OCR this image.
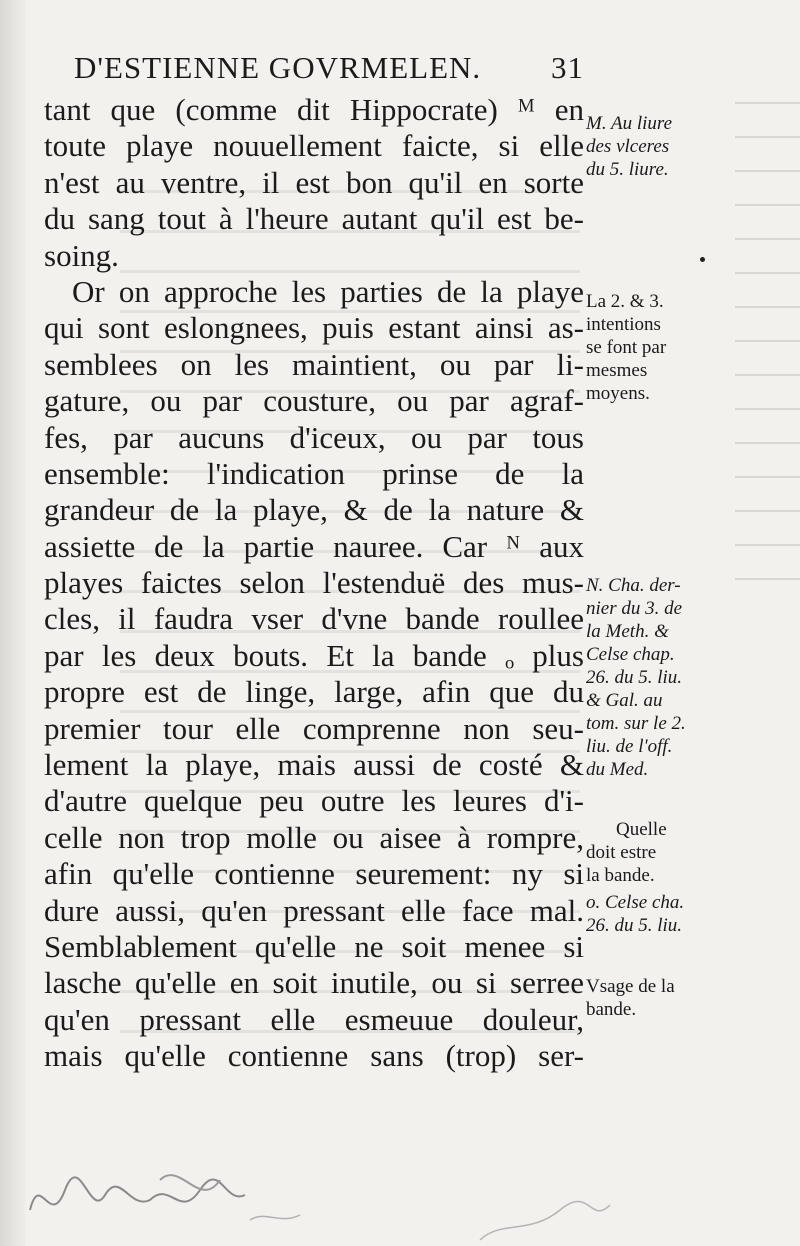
D'ESTIENNE GOVRMELEN. 31
tant que (comme dit Hippocrate) ᴹ en
toute playe nouuellement faicte, si elle
n'est au ventre, il est bon qu'il en sorte
du sang tout à l'heure autant qu'il est be-
soing.
Or on approche les parties de la playe
qui sont eslongnees, puis estant ainsi as-
semblees on les maintient, ou par li-
gature, ou par cousture, ou par agraf-
fes, par aucuns d'iceux, ou par tous
ensemble: l'indication prinse de la
grandeur de la playe, & de la nature &
assiette de la partie nauree. Car ᴺ aux
playes faictes selon l'estenduë des mus-
cles, il faudra vser d'vne bande roullee
par les deux bouts. Et la bande ₒ plus
propre est de linge, large, afin que du
premier tour elle comprenne non seu-
lement la playe, mais aussi de costé &
d'autre quelque peu outre les leures d'i-
celle non trop molle ou aisee à rompre,
afin qu'elle contienne seurement: ny si
dure aussi, qu'en pressant elle face mal.
Semblablement qu'elle ne soit menee si
lasche qu'elle en soit inutile, ou si serree
qu'en pressant elle esmeuue douleur,
mais qu'elle contienne sans (trop) ser-
M. Au liure
des vlceres
du 5. liure.
La 2. & 3.
intentions
se font par
mesmes
moyens.
N. Cha. der-
nier du 3. de
la Meth. &
Celse chap.
26. du 5. liu.
& Gal. au
tom. sur le 2.
liu. de l'off.
du Med.
Quelle
doit estre
la bande.
o. Celse cha.
26. du 5. liu.
Vsage de la
bande.
